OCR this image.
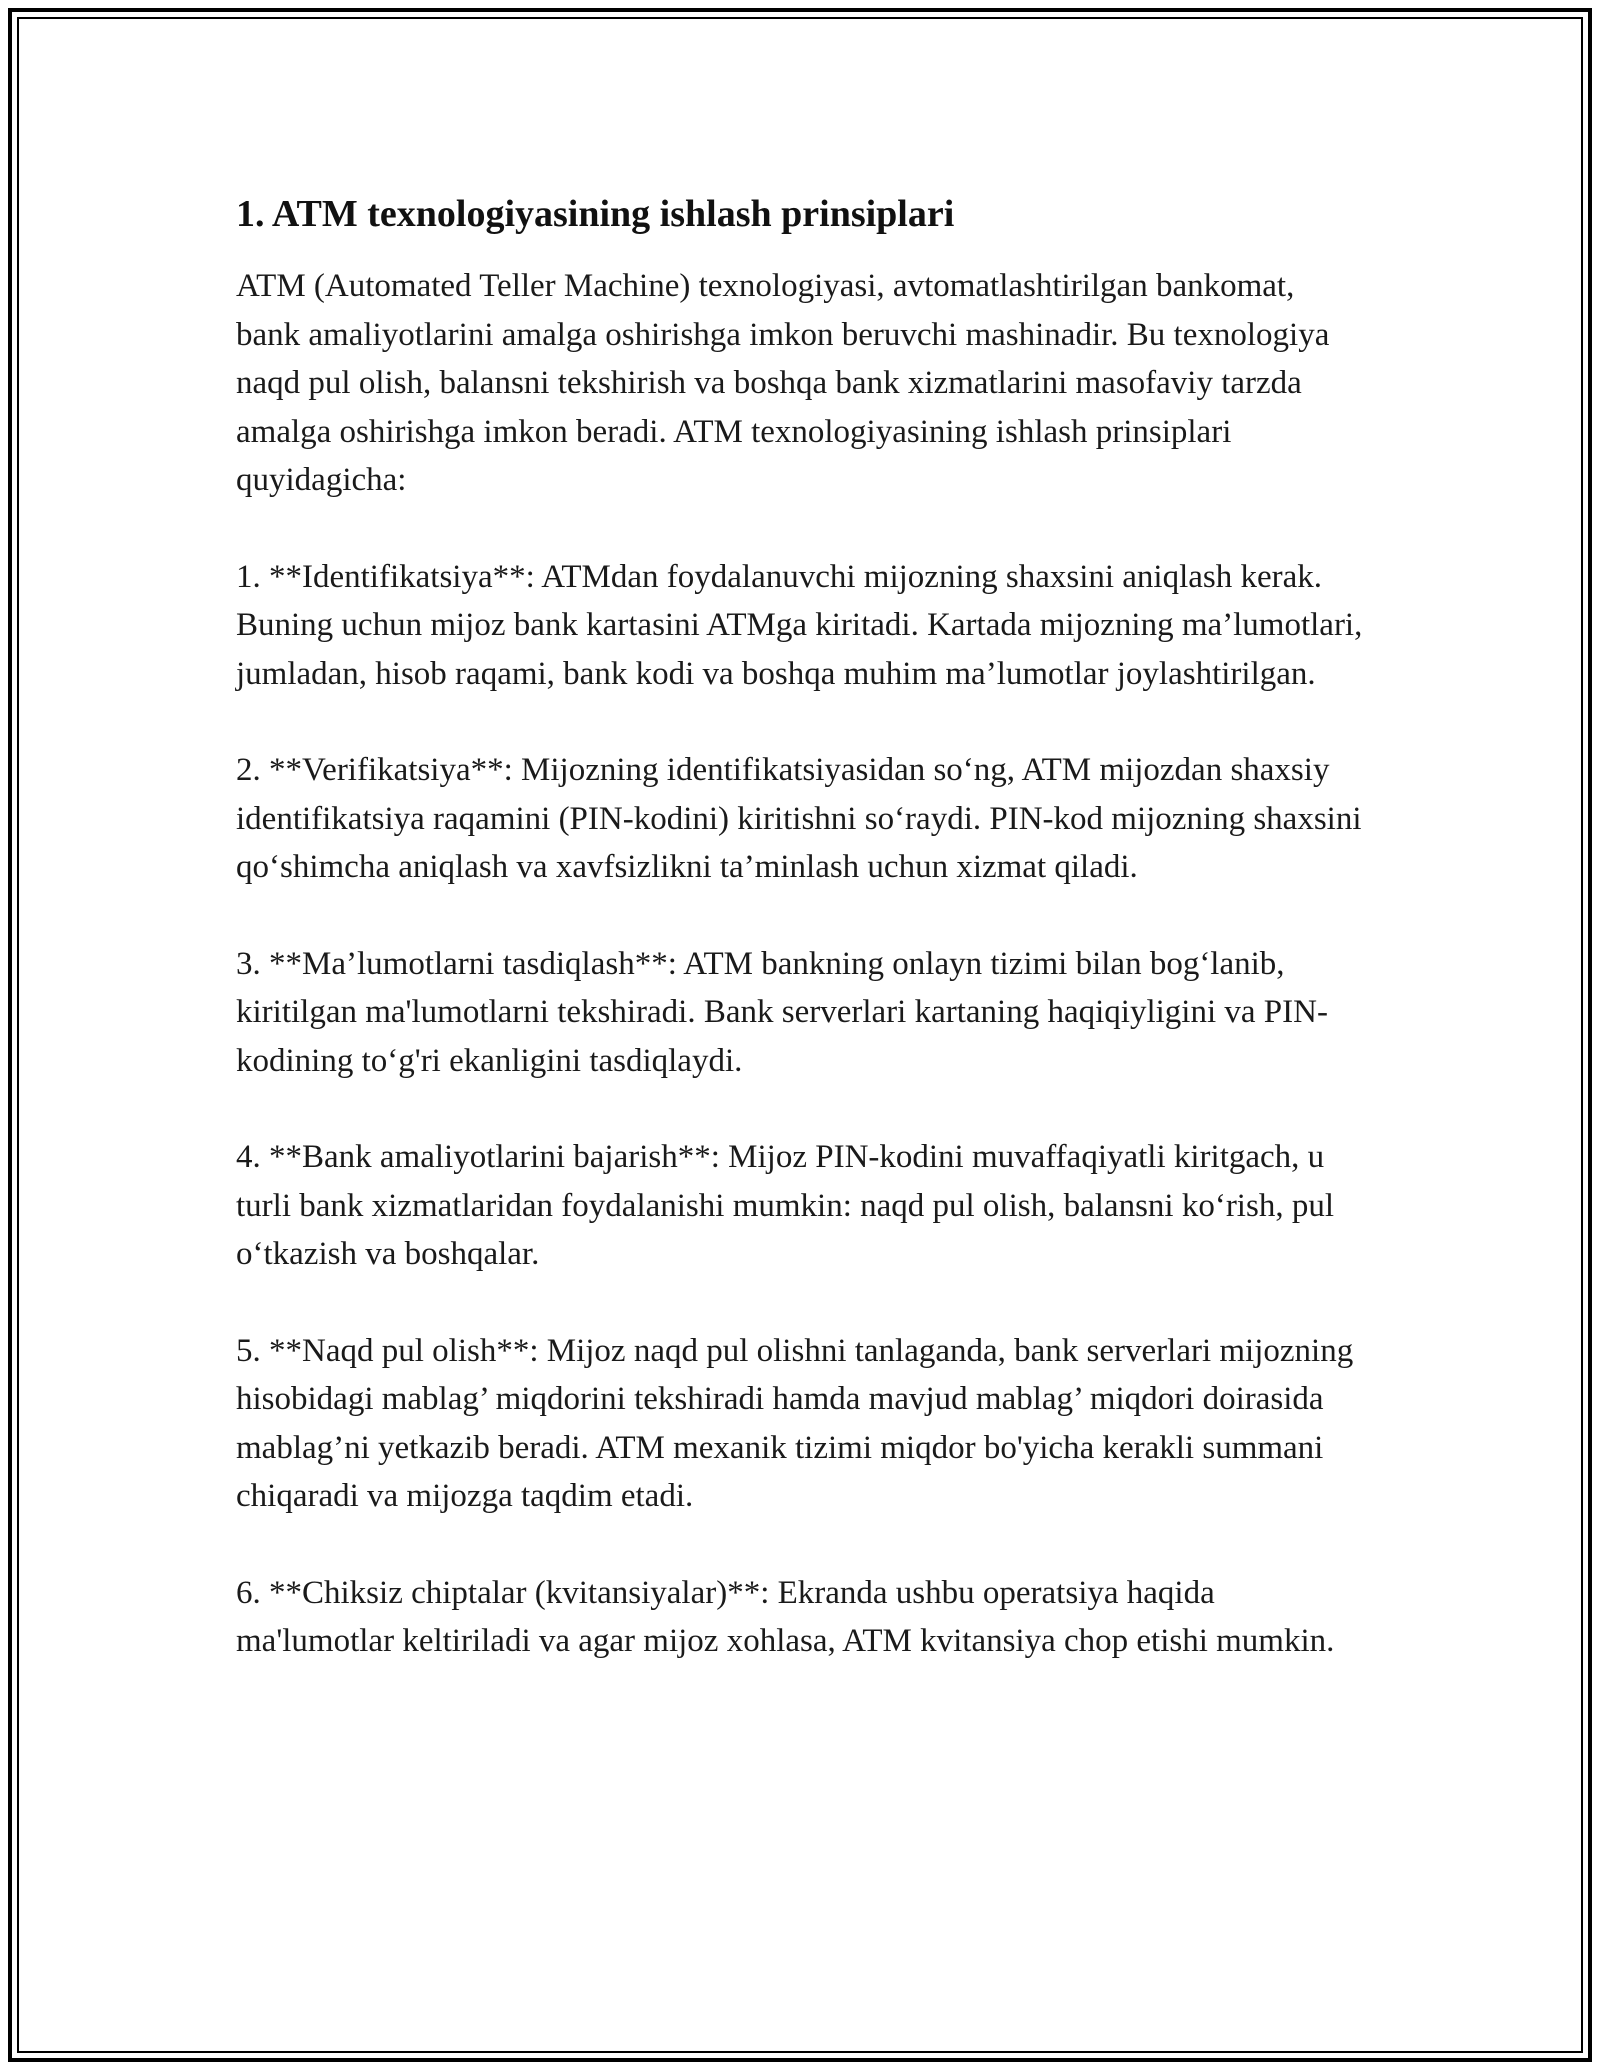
1. ATM texnologiyasining ishlash prinsiplari

ATM (Automated Teller Machine) texnologiyasi, avtomatlashtirilgan bankomat, bank amaliyotlarini amalga oshirishga imkon beruvchi mashinadir. Bu texnologiya naqd pul olish, balansni tekshirish va boshqa bank xizmatlarini masofaviy tarzda amalga oshirishga imkon beradi. ATM texnologiyasining ishlash prinsiplari quyidagicha:

1. **Identifikatsiya**: ATMdan foydalanuvchi mijozning shaxsini aniqlash kerak. Buning uchun mijoz bank kartasini ATMga kiritadi. Kartada mijozning ma’lumotlari, jumladan, hisob raqami, bank kodi va boshqa muhim ma’lumotlar joylashtirilgan.

2. **Verifikatsiya**: Mijozning identifikatsiyasidan so‘ng, ATM mijozdan shaxsiy identifikatsiya raqamini (PIN-kodini) kiritishni so‘raydi. PIN-kod mijozning shaxsini qo‘shimcha aniqlash va xavfsizlikni ta’minlash uchun xizmat qiladi.

3. **Ma’lumotlarni tasdiqlash**: ATM bankning onlayn tizimi bilan bog‘lanib, kiritilgan ma'lumotlarni tekshiradi. Bank serverlari kartaning haqiqiyligini va PIN-kodining to‘g'ri ekanligini tasdiqlaydi.

4. **Bank amaliyotlarini bajarish**: Mijoz PIN-kodini muvaffaqiyatli kiritgach, u turli bank xizmatlaridan foydalanishi mumkin: naqd pul olish, balansni ko‘rish, pul o‘tkazish va boshqalar.

5. **Naqd pul olish**: Mijoz naqd pul olishni tanlaganda, bank serverlari mijozning hisobidagi mablag’ miqdorini tekshiradi hamda mavjud mablag’ miqdori doirasida mablag’ni yetkazib beradi. ATM mexanik tizimi miqdor bo'yicha kerakli summani chiqaradi va mijozga taqdim etadi.

6. **Chiksiz chiptalar (kvitansiyalar)**: Ekranda ushbu operatsiya haqida ma'lumotlar keltiriladi va agar mijoz xohlasa, ATM kvitansiya chop etishi mumkin.
